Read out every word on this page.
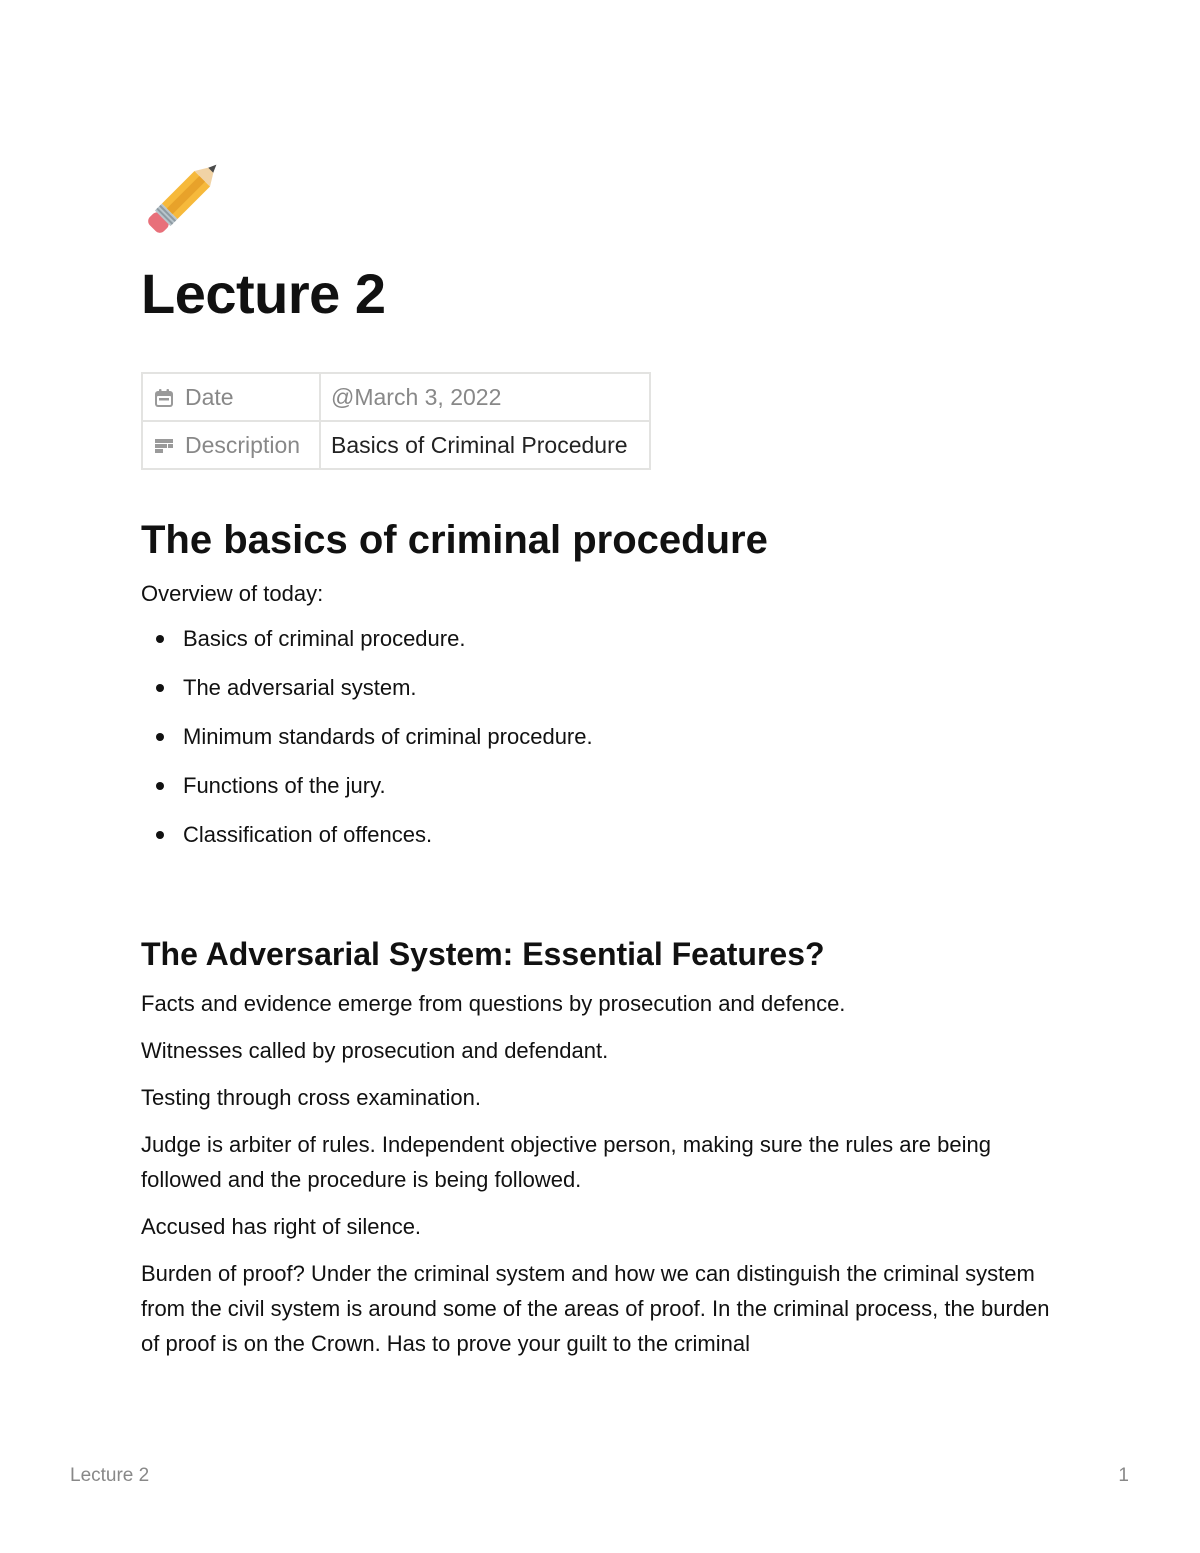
Lecture 2
Date	@March 3, 2022
Description	Basics of Criminal Procedure
The basics of criminal procedure

Overview of today:

Basics of criminal procedure.
The adversarial system.
Minimum standards of criminal procedure.
Functions of the jury.
Classification of offences.
The Adversarial System: Essential Features?

Facts and evidence emerge from questions by prosecution and defence.

Witnesses called by prosecution and defendant.

Testing through cross examination.

Judge is arbiter of rules. Independent objective person, making sure the rules are being followed and the procedure is being followed.

Accused has right of silence.

Burden of proof? Under the criminal system and how we can distinguish the criminal system from the civil system is around some of the areas of proof. In the criminal process, the burden of proof is on the Crown. Has to prove your guilt to the criminal

Lecture 2	1
